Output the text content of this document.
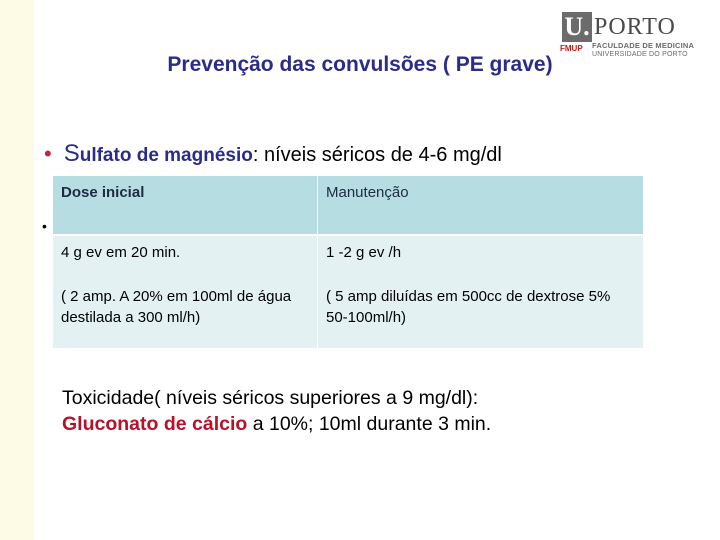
U. PORTO
FMUP	FACULDADE DE MEDICINA
UNIVERSIDADE DO PORTO
Prevenção das convulsões ( PE grave)
• Sulfato de magnésio: níveis séricos de 4-6 mg/dl
•
Dose inicial	Manutenção
4 g ev em 20 min.	1 -2 g ev /h
( 2 amp. A 20% em 100ml de água destilada a 300 ml/h)	( 5 amp diluídas em 500cc de dextrose 5% 50-100ml/h)
Toxicidade( níveis séricos superiores a 9 mg/dl):
Gluconato de cálcio a 10%; 10ml durante 3 min.
